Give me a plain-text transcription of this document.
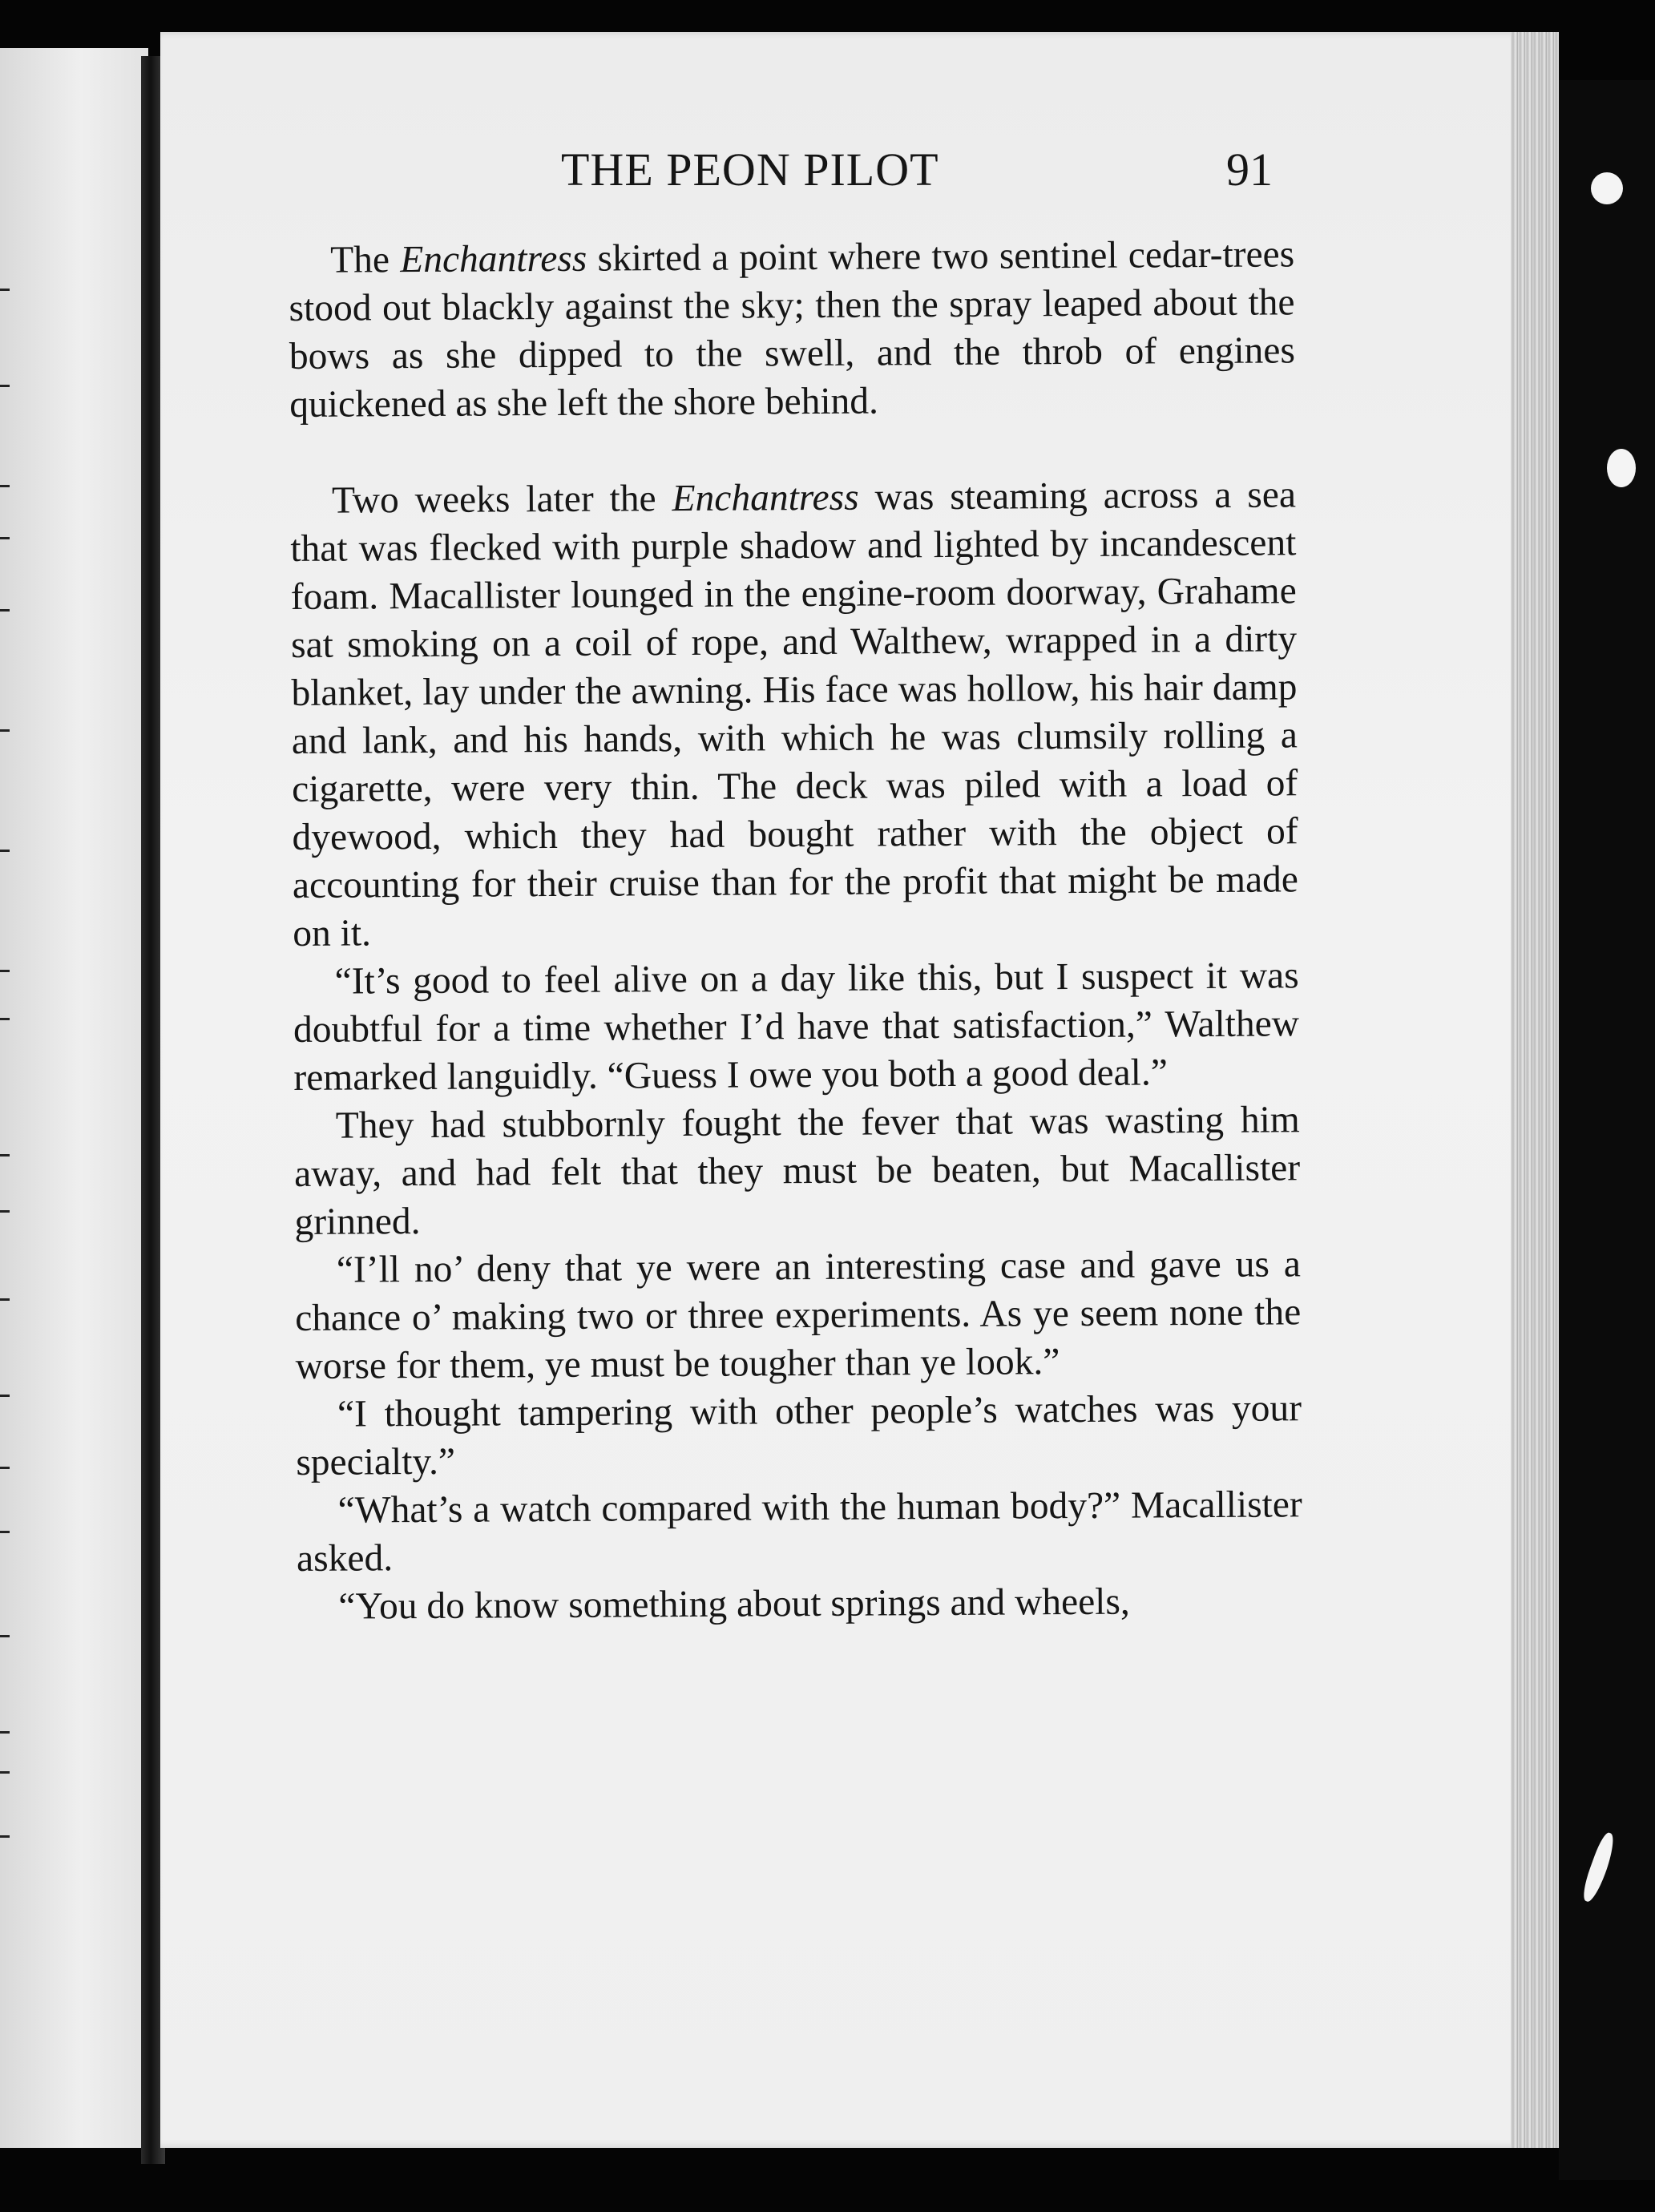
THE PEON PILOT	91

The Enchantress skirted a point where two sentinel cedar-trees stood out blackly against the sky; then the spray leaped about the bows as she dipped to the swell, and the throb of engines quickened as she left the shore behind.

Two weeks later the Enchantress was steaming across a sea that was flecked with purple shadow and lighted by incandescent foam. Macallister lounged in the engine-room doorway, Grahame sat smoking on a coil of rope, and Walthew, wrapped in a dirty blanket, lay under the awning. His face was hollow, his hair damp and lank, and his hands, with which he was clumsily rolling a cigarette, were very thin. The deck was piled with a load of dyewood, which they had bought rather with the object of accounting for their cruise than for the profit that might be made on it.

“It’s good to feel alive on a day like this, but I suspect it was doubtful for a time whether I’d have that satisfaction,” Walthew remarked languidly. “Guess I owe you both a good deal.”

They had stubbornly fought the fever that was wasting him away, and had felt that they must be beaten, but Macallister grinned.

“I’ll no’ deny that ye were an interesting case and gave us a chance o’ making two or three experiments. As ye seem none the worse for them, ye must be tougher than ye look.”

“I thought tampering with other people’s watches was your specialty.”

“What’s a watch compared with the human body?” Macallister asked.

“You do know something about springs and wheels,
